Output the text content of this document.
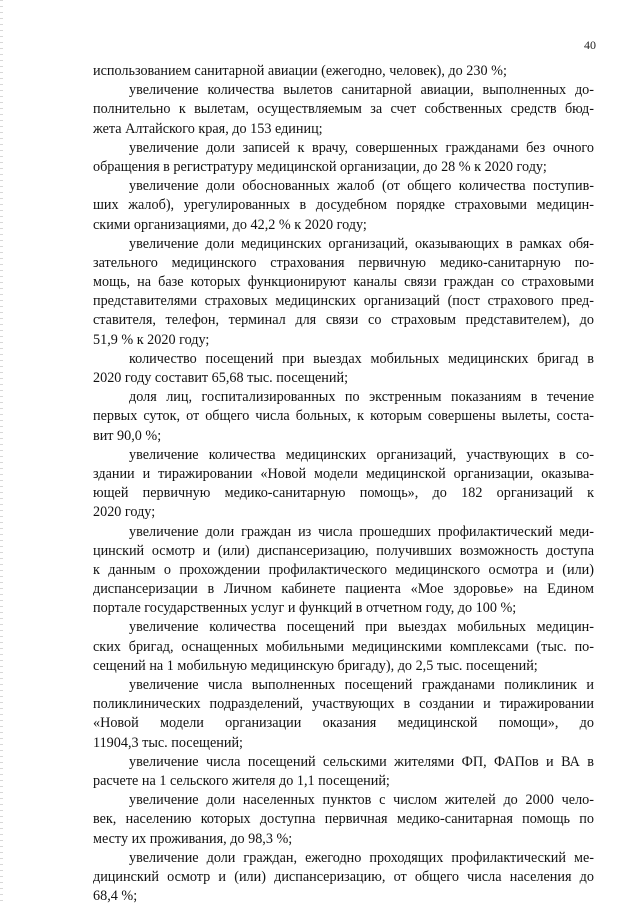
40
использованием санитарной авиации (ежегодно, человек), до 230 %;
увеличение количества вылетов санитарной авиации, выполненных до-
полнительно к вылетам, осуществляемым за счет собственных средств бюд-
жета Алтайского края, до 153 единиц;
увеличение доли записей к врачу, совершенных гражданами без очного
обращения в регистратуру медицинской организации, до 28 % к 2020 году;
увеличение доли обоснованных жалоб (от общего количества поступив-
ших жалоб), урегулированных в досудебном порядке страховыми медицин-
скими организациями, до 42,2 % к 2020 году;
увеличение доли медицинских организаций, оказывающих в рамках обя-
зательного медицинского страхования первичную медико-санитарную по-
мощь, на базе которых функционируют каналы связи граждан со страховыми
представителями страховых медицинских организаций (пост страхового пред-
ставителя, телефон, терминал для связи со страховым представителем), до
51,9 % к 2020 году;
количество посещений при выездах мобильных медицинских бригад в
2020 году составит 65,68 тыс. посещений;
доля лиц, госпитализированных по экстренным показаниям в течение
первых суток, от общего числа больных, к которым совершены вылеты, соста-
вит 90,0 %;
увеличение количества медицинских организаций, участвующих в со-
здании и тиражировании «Новой модели медицинской организации, оказыва-
ющей первичную медико-санитарную помощь», до 182 организаций к
2020 году;
увеличение доли граждан из числа прошедших профилактический меди-
цинский осмотр и (или) диспансеризацию, получивших возможность доступа
к данным о прохождении профилактического медицинского осмотра и (или)
диспансеризации в Личном кабинете пациента «Мое здоровье» на Едином
портале государственных услуг и функций в отчетном году, до 100 %;
увеличение количества посещений при выездах мобильных медицин-
ских бригад, оснащенных мобильными медицинскими комплексами (тыс. по-
сещений на 1 мобильную медицинскую бригаду), до 2,5 тыс. посещений;
увеличение числа выполненных посещений гражданами поликлиник и
поликлинических подразделений, участвующих в создании и тиражировании
«Новой модели организации оказания медицинской помощи», до
11904,3 тыс. посещений;
увеличение числа посещений сельскими жителями ФП, ФАПов и ВА в
расчете на 1 сельского жителя до 1,1 посещений;
увеличение доли населенных пунктов с числом жителей до 2000 чело-
век, населению которых доступна первичная медико-санитарная помощь по
месту их проживания, до 98,3 %;
увеличение доли граждан, ежегодно проходящих профилактический ме-
дицинский осмотр и (или) диспансеризацию, от общего числа населения до
68,4 %;
